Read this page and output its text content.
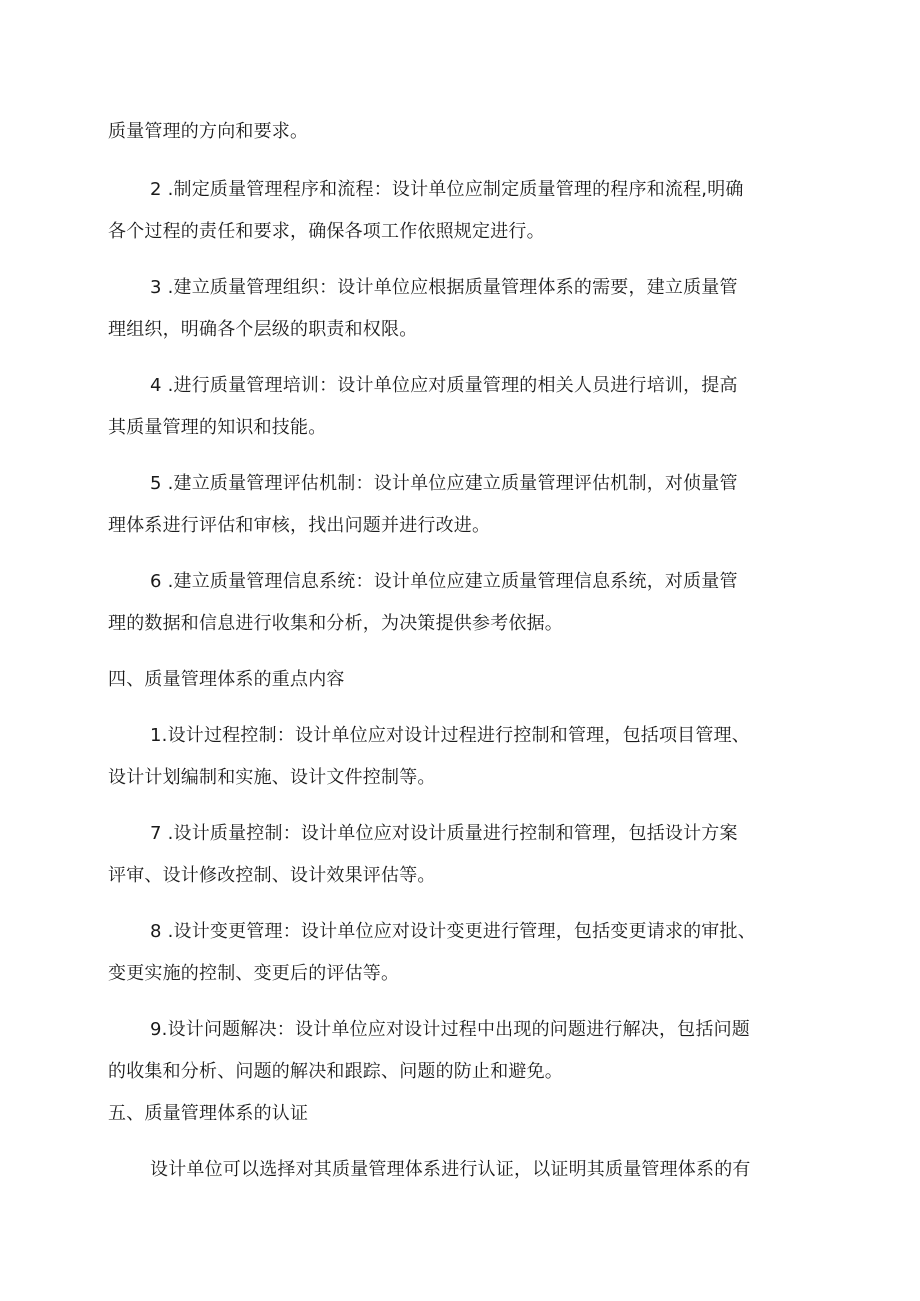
质量管理的方向和要求。
2 .制定质量管理程序和流程：设计单位应制定质量管理的程序和流程,明确
各个过程的责任和要求，确保各项工作依照规定进行。
3 .建立质量管理组织：设计单位应根据质量管理体系的需要，建立质量管
理组织，明确各个层级的职责和权限。
4 .进行质量管理培训：设计单位应对质量管理的相关人员进行培训，提高
其质量管理的知识和技能。
5 .建立质量管理评估机制：设计单位应建立质量管理评估机制，对侦量管
理体系进行评估和审核，找出问题并进行改进。
6 .建立质量管理信息系统：设计单位应建立质量管理信息系统，对质量管
理的数据和信息进行收集和分析，为决策提供参考依据。
四、质量管理体系的重点内容
1.设计过程控制：设计单位应对设计过程进行控制和管理，包括项目管理、
设计计划编制和实施、设计文件控制等。
7 .设计质量控制：设计单位应对设计质量进行控制和管理，包括设计方案
评审、设计修改控制、设计效果评估等。
8 .设计变更管理：设计单位应对设计变更进行管理，包括变更请求的审批、
变更实施的控制、变更后的评估等。
9.设计问题解决：设计单位应对设计过程中出现的问题进行解决，包括问题
的收集和分析、问题的解决和跟踪、问题的防止和避免。
五、质量管理体系的认证
设计单位可以选择对其质量管理体系进行认证，以证明其质量管理体系的有
